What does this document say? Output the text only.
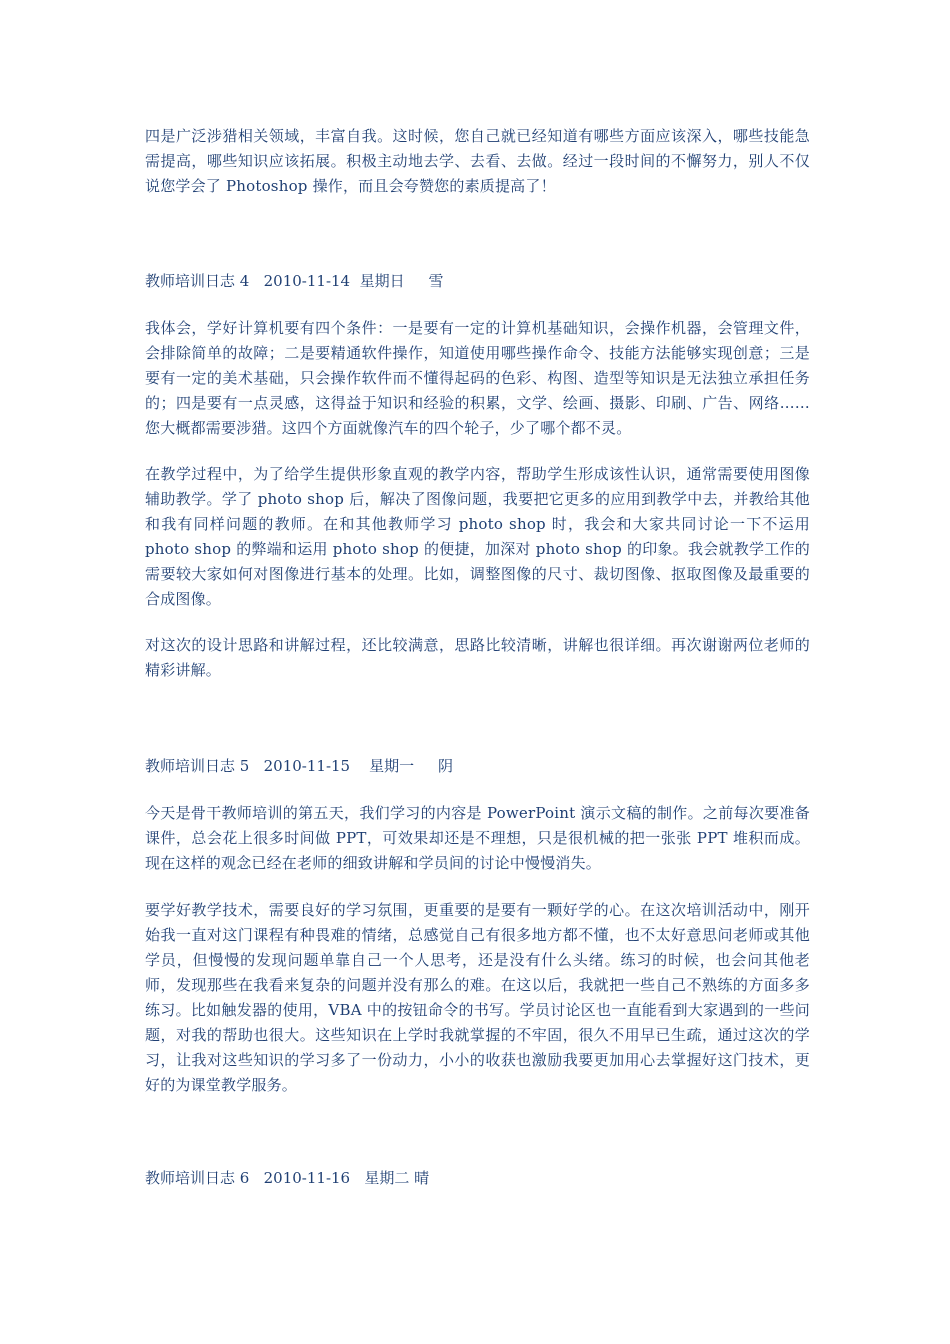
四是广泛涉猎相关领域，丰富自我。这时候，您自己就已经知道有哪些方面应该深入，哪些技能急需提高，哪些知识应该拓展。积极主动地去学、去看、去做。经过一段时间的不懈努力，别人不仅说您学会了 Photoshop 操作，而且会夸赞您的素质提高了！

教师培训日志 4   2010-11-14  星期日     雪

我体会，学好计算机要有四个条件：一是要有一定的计算机基础知识，会操作机器，会管理文件，会排除简单的故障；二是要精通软件操作，知道使用哪些操作命令、技能方法能够实现创意；三是要有一定的美术基础，只会操作软件而不懂得起码的色彩、构图、造型等知识是无法独立承担任务的；四是要有一点灵感，这得益于知识和经验的积累，文学、绘画、摄影、印刷、广告、网络……您大概都需要涉猎。这四个方面就像汽车的四个轮子，少了哪个都不灵。

在教学过程中，为了给学生提供形象直观的教学内容，帮助学生形成该性认识，通常需要使用图像辅助教学。学了 photo shop 后，解决了图像问题，我要把它更多的应用到教学中去，并教给其他和我有同样问题的教师。在和其他教师学习 photo shop 时，我会和大家共同讨论一下不运用 photo shop 的弊端和运用 photo shop 的便捷，加深对 photo shop 的印象。我会就教学工作的需要较大家如何对图像进行基本的处理。比如，调整图像的尺寸、裁切图像、抠取图像及最重要的合成图像。

对这次的设计思路和讲解过程，还比较满意，思路比较清晰，讲解也很详细。再次谢谢两位老师的精彩讲解。

教师培训日志 5   2010-11-15    星期一     阴

今天是骨干教师培训的第五天，我们学习的内容是 PowerPoint 演示文稿的制作。之前每次要准备课件，总会花上很多时间做 PPT，可效果却还是不理想，只是很机械的把一张张 PPT 堆积而成。现在这样的观念已经在老师的细致讲解和学员间的讨论中慢慢消失。

要学好教学技术，需要良好的学习氛围，更重要的是要有一颗好学的心。在这次培训活动中，刚开始我一直对这门课程有种畏难的情绪，总感觉自己有很多地方都不懂，也不太好意思问老师或其他学员，但慢慢的发现问题单靠自己一个人思考，还是没有什么头绪。练习的时候，也会问其他老师，发现那些在我看来复杂的问题并没有那么的难。在这以后，我就把一些自己不熟练的方面多多练习。比如触发器的使用，VBA 中的按钮命令的书写。学员讨论区也一直能看到大家遇到的一些问题，对我的帮助也很大。这些知识在上学时我就掌握的不牢固，很久不用早已生疏，通过这次的学习，让我对这些知识的学习多了一份动力，小小的收获也激励我要更加用心去掌握好这门技术，更好的为课堂教学服务。

教师培训日志 6   2010-11-16   星期二 晴
